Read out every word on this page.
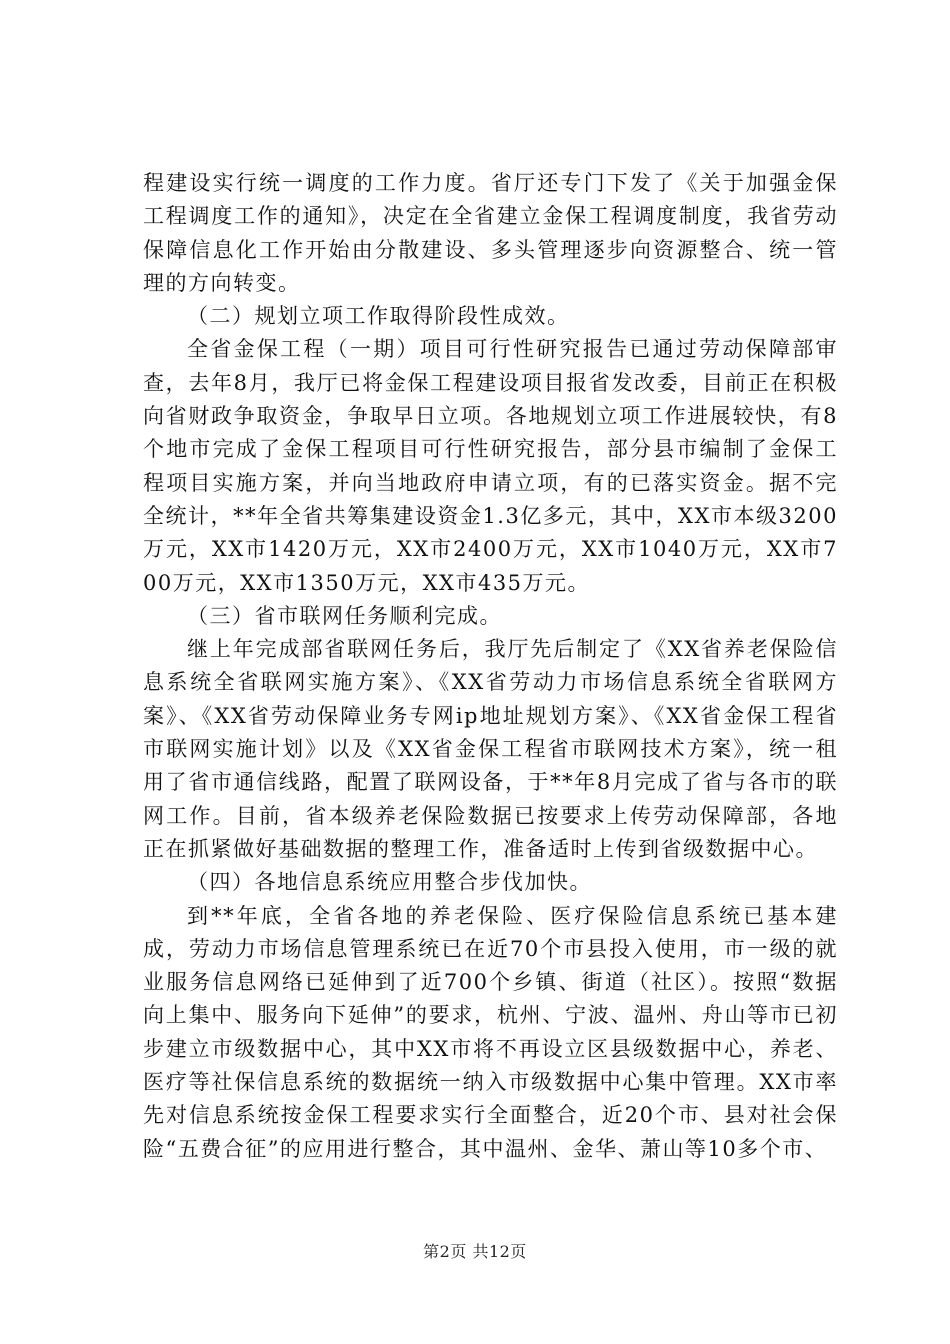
程建设实行统一调度的工作力度。省厅还专门下发了《关于加强金保工程调度工作的通知》，决定在全省建立金保工程调度制度，我省劳动保障信息化工作开始由分散建设、多头管理逐步向资源整合、统一管理的方向转变。

（二）规划立项工作取得阶段性成效。

全省金保工程（一期）项目可行性研究报告已通过劳动保障部审查，去年8月，我厅已将金保工程建设项目报省发改委，目前正在积极向省财政争取资金，争取早日立项。各地规划立项工作进展较快，有8个地市完成了金保工程项目可行性研究报告，部分县市编制了金保工程项目实施方案，并向当地政府申请立项，有的已落实资金。据不完全统计，**年全省共筹集建设资金1.3亿多元，其中，XX市本级3200万元，XX市1420万元，XX市2400万元，XX市1040万元，XX市700万元，XX市1350万元，XX市435万元。

（三）省市联网任务顺利完成。

继上年完成部省联网任务后，我厅先后制定了《XX省养老保险信息系统全省联网实施方案》、《XX省劳动力市场信息系统全省联网方案》、《XX省劳动保障业务专网ip地址规划方案》、《XX省金保工程省市联网实施计划》以及《XX省金保工程省市联网技术方案》，统一租用了省市通信线路，配置了联网设备，于**年8月完成了省与各市的联网工作。目前，省本级养老保险数据已按要求上传劳动保障部，各地正在抓紧做好基础数据的整理工作，准备适时上传到省级数据中心。

（四）各地信息系统应用整合步伐加快。

到**年底，全省各地的养老保险、医疗保险信息系统已基本建成，劳动力市场信息管理系统已在近70个市县投入使用，市一级的就业服务信息网络已延伸到了近700个乡镇、街道（社区）。按照“数据向上集中、服务向下延伸”的要求，杭州、宁波、温州、舟山等市已初步建立市级数据中心，其中XX市将不再设立区县级数据中心，养老、医疗等社保信息系统的数据统一纳入市级数据中心集中管理。XX市率先对信息系统按金保工程要求实行全面整合，近20个市、县对社会保险“五费合征”的应用进行整合，其中温州、金华、萧山等10多个市、

第2页 共12页
